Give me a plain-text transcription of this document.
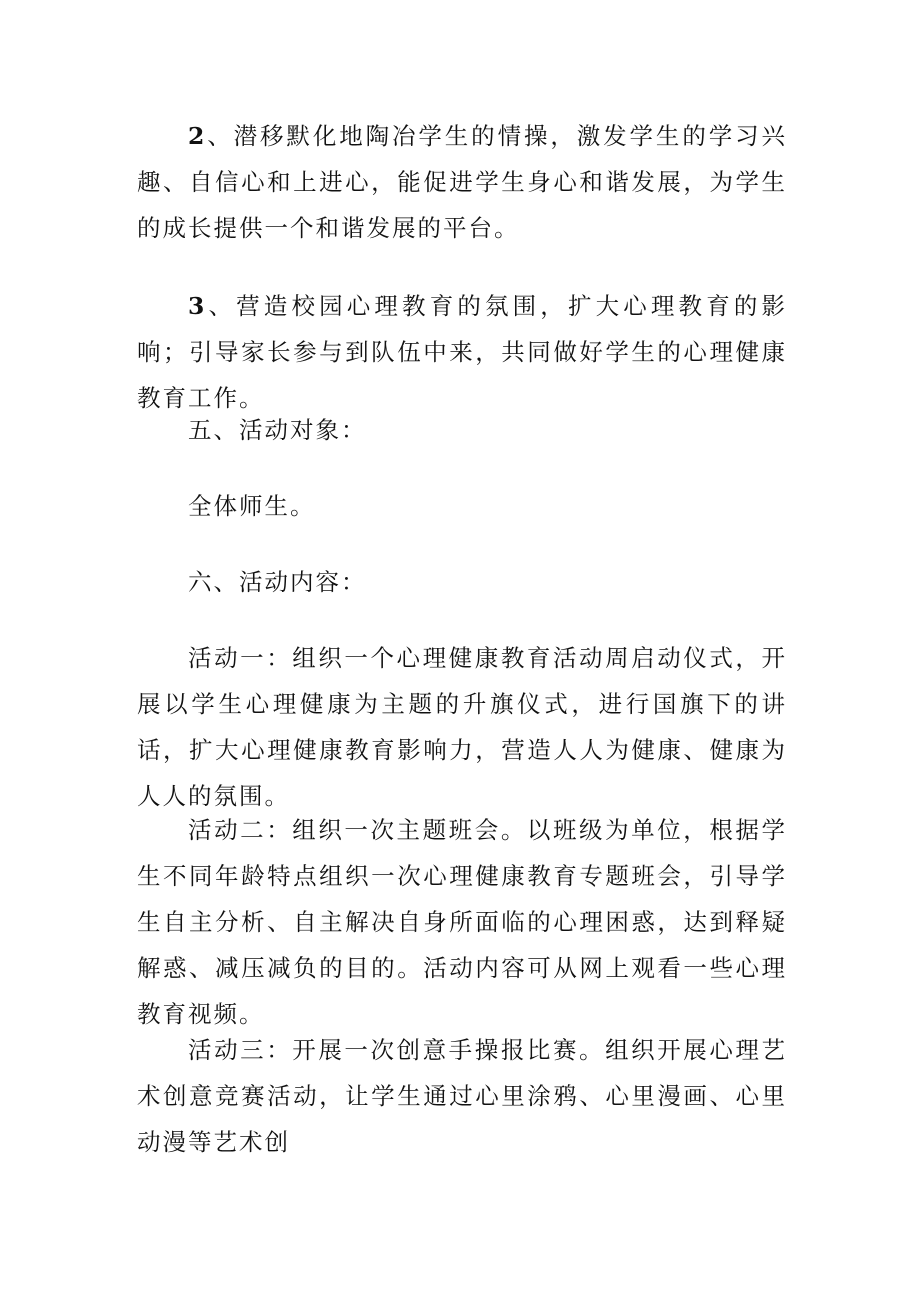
2、潜移默化地陶冶学生的情操，激发学生的学习兴趣、自信心和上进心，能促进学生身心和谐发展，为学生的成长提供一个和谐发展的平台。

3、营造校园心理教育的氛围，扩大心理教育的影响；引导家长参与到队伍中来，共同做好学生的心理健康教育工作。

五、活动对象：

全体师生。

六、活动内容：

活动一：组织一个心理健康教育活动周启动仪式，开展以学生心理健康为主题的升旗仪式，进行国旗下的讲话，扩大心理健康教育影响力，营造人人为健康、健康为人人的氛围。

活动二：组织一次主题班会。以班级为单位，根据学生不同年龄特点组织一次心理健康教育专题班会，引导学生自主分析、自主解决自身所面临的心理困惑，达到释疑解惑、减压减负的目的。活动内容可从网上观看一些心理教育视频。

活动三：开展一次创意手操报比赛。组织开展心理艺术创意竞赛活动，让学生通过心里涂鸦、心里漫画、心里动漫等艺术创
